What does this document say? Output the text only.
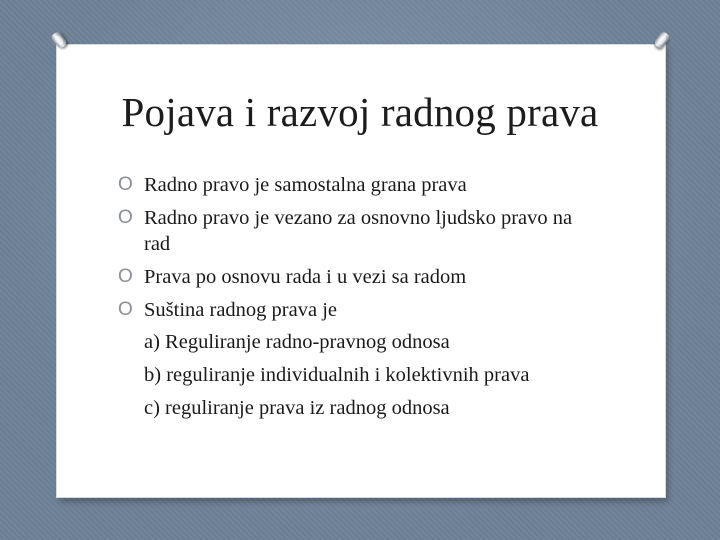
Pojava i razvoj radnog prava
O Radno pravo je samostalna grana prava
O Radno pravo je vezano za osnovno ljudsko pravo na rad
O Prava po osnovu rada i u vezi sa radom
O Suština radnog prava je
a) Reguliranje radno-pravnog odnosa
b) reguliranje individualnih i kolektivnih prava
c) reguliranje prava iz radnog odnosa
